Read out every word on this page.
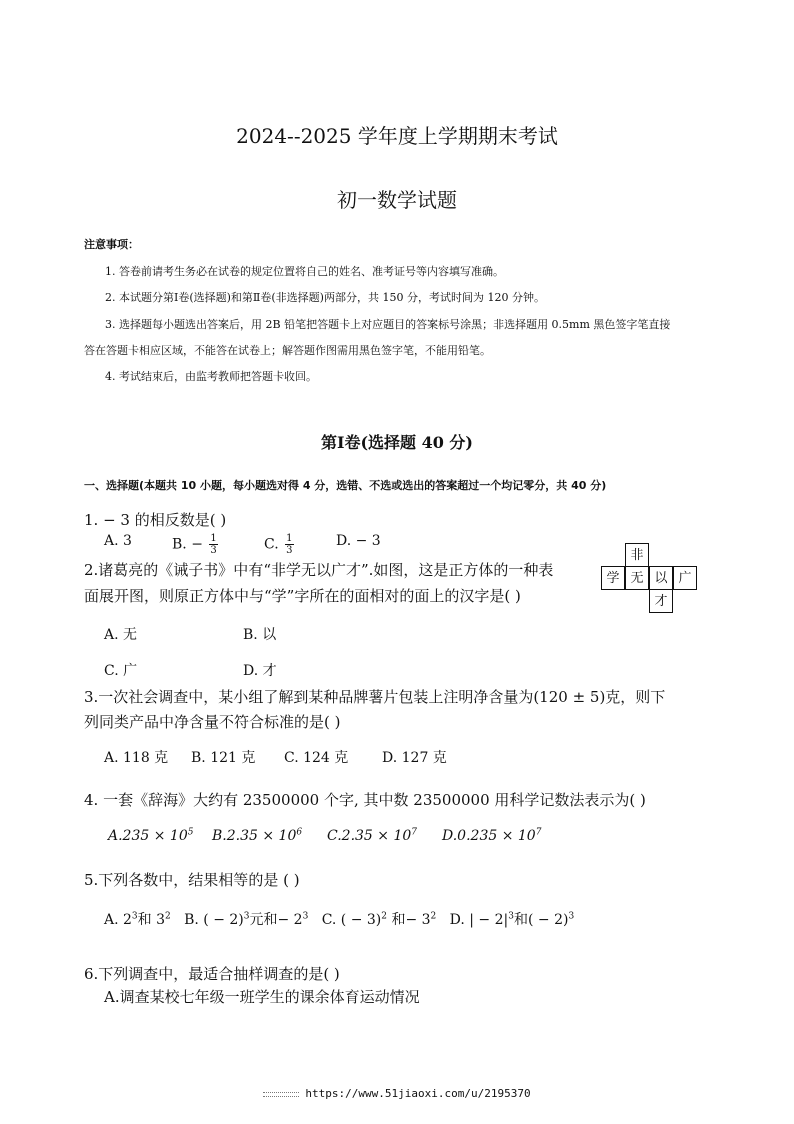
2024--2025 学年度上学期期末考试
初一数学试题
注意事项：
1. 答卷前请考生务必在试卷的规定位置将自己的姓名、准考证号等内容填写准确。
2. 本试题分第Ⅰ卷(选择题)和第Ⅱ卷(非选择题)两部分，共 150 分，考试时间为 120 分钟。
3. 选择题每小题选出答案后，用 2B 铅笔把答题卡上对应题目的答案标号涂黑；非选择题用 0.5mm 黑色签字笔直接
答在答题卡相应区域，不能答在试卷上；解答题作图需用黑色签字笔，不能用铅笔。
4. 考试结束后，由监考教师把答题卡收回。
第Ⅰ卷(选择题 40 分)
一、选择题(本题共 10 小题，每小题选对得 4 分，选错、不选或选出的答案超过一个均记零分，共 40 分)
1. − 3 的相反数是( )
A. 3	B. − $\frac{1}{3}$	C. $\frac{1}{3}$	D. − 3
2.诸葛亮的《诫子书》中有“非学无以广才”.如图，这是正方体的一种表
面展开图，则原正方体中与“学”字所在的面相对的面上的汉字是( )
A. 无	B. 以
C. 广	D. 才
非
学 无 以 广
才
3.一次社会调查中，某小组了解到某种品牌薯片包装上注明净含量为(120 ± 5)克，则下
列同类产品中净含量不符合标准的是( )
A. 118 克 B. 121 克 C. 124 克 D. 127 克
4. 一套《辞海》大约有 23500000 个字, 其中数 23500000 用科学记数法表示为( )
$A.235 \times 10^5$ $B.2.35 \times 10^6$ $C.2.35 \times 10^7$ $D.0.235 \times 10^7$
5.下列各数中，结果相等的是 ( )
A. $2^3$和 $3^2$ B. ( − 2)$^3$元和− $2^3$ C. ( − 3)$^2$ 和− $3^2$ D. | − $2|^3$和( − 2)$^3$
6.下列调查中，最适合抽样调查的是( )
A.调查某校七年级一班学生的课余体育运动情况
https://www.51jiaoxi.com/u/2195370
